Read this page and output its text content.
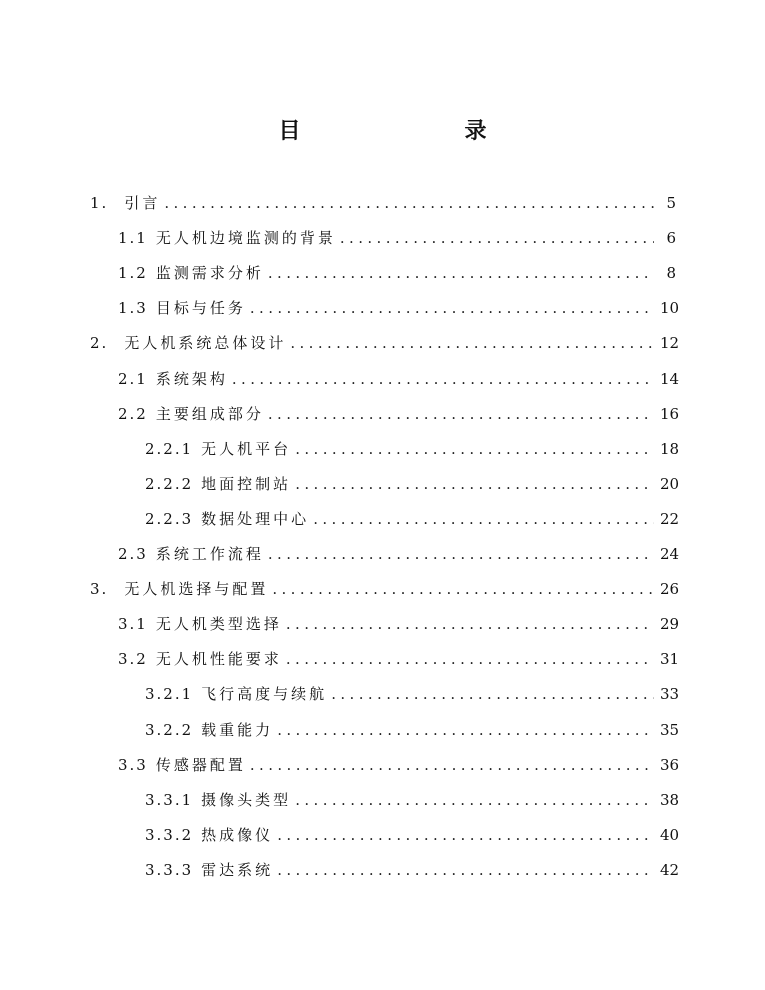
目　　录
1. 引言 .....	5
1.1 无人机边境监测的背景 .....	6
1.2 监测需求分析 .....	8
1.3 目标与任务 .....	10
2. 无人机系统总体设计 .....	12
2.1 系统架构 .....	14
2.2 主要组成部分 .....	16
2.2.1 无人机平台 .....	18
2.2.2 地面控制站 .....	20
2.2.3 数据处理中心 .....	22
2.3 系统工作流程 .....	24
3. 无人机选择与配置 .....	26
3.1 无人机类型选择 .....	29
3.2 无人机性能要求 .....	31
3.2.1 飞行高度与续航 .....	33
3.2.2 载重能力 .....	35
3.3 传感器配置 .....	36
3.3.1 摄像头类型 .....	38
3.3.2 热成像仪 .....	40
3.3.3 雷达系统 .....	42
